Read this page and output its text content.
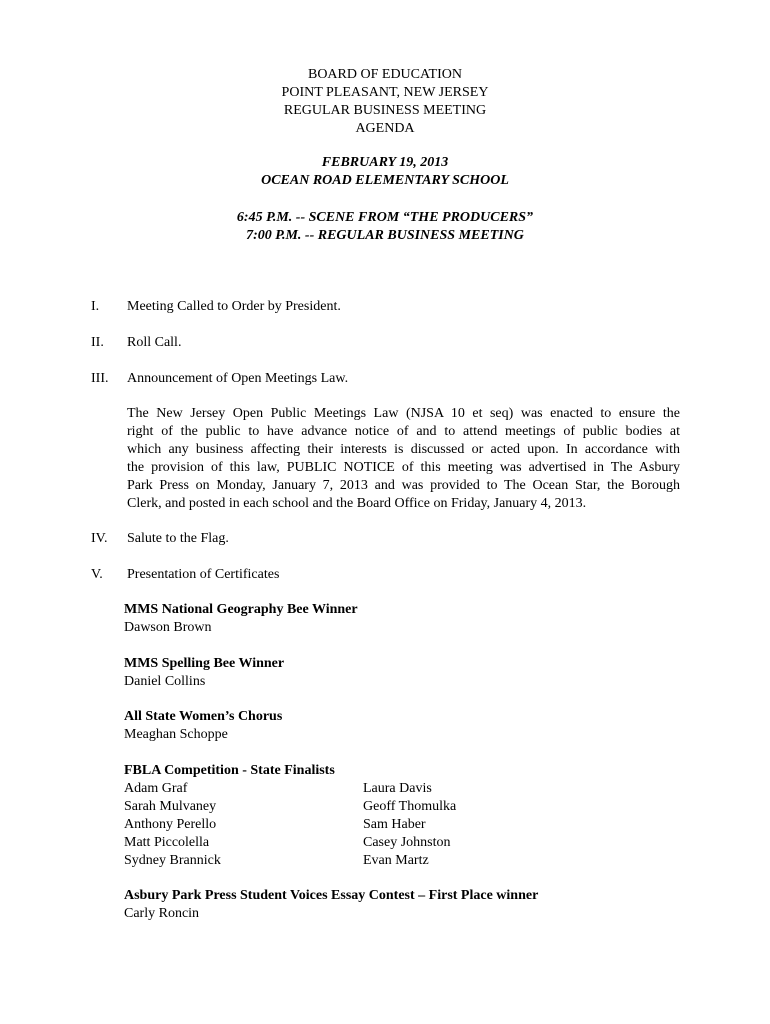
BOARD OF EDUCATION
POINT PLEASANT, NEW JERSEY
REGULAR BUSINESS MEETING
AGENDA
FEBRUARY 19, 2013
OCEAN ROAD ELEMENTARY SCHOOL
6:45 P.M. -- SCENE FROM “THE PRODUCERS”
7:00 P.M. -- REGULAR BUSINESS MEETING
I. Meeting Called to Order by President.
II. Roll Call.
III. Announcement of Open Meetings Law.
The New Jersey Open Public Meetings Law (NJSA 10 et seq) was enacted to ensure the
right of the public to have advance notice of and to attend meetings of public bodies at
which any business affecting their interests is discussed or acted upon. In accordance with
the provision of this law, PUBLIC NOTICE of this meeting was advertised in The Asbury
Park Press on Monday, January 7, 2013 and was provided to The Ocean Star, the Borough
Clerk, and posted in each school and the Board Office on Friday, January 4, 2013.
IV. Salute to the Flag.
V. Presentation of Certificates
MMS National Geography Bee Winner
Dawson Brown
MMS Spelling Bee Winner
Daniel Collins
All State Women’s Chorus
Meaghan Schoppe
FBLA Competition - State Finalists
Adam Graf
Sarah Mulvaney
Anthony Perello
Matt Piccolella
Sydney Brannick
Laura Davis
Geoff Thomulka
Sam Haber
Casey Johnston
Evan Martz
Asbury Park Press Student Voices Essay Contest – First Place winner
Carly Roncin
